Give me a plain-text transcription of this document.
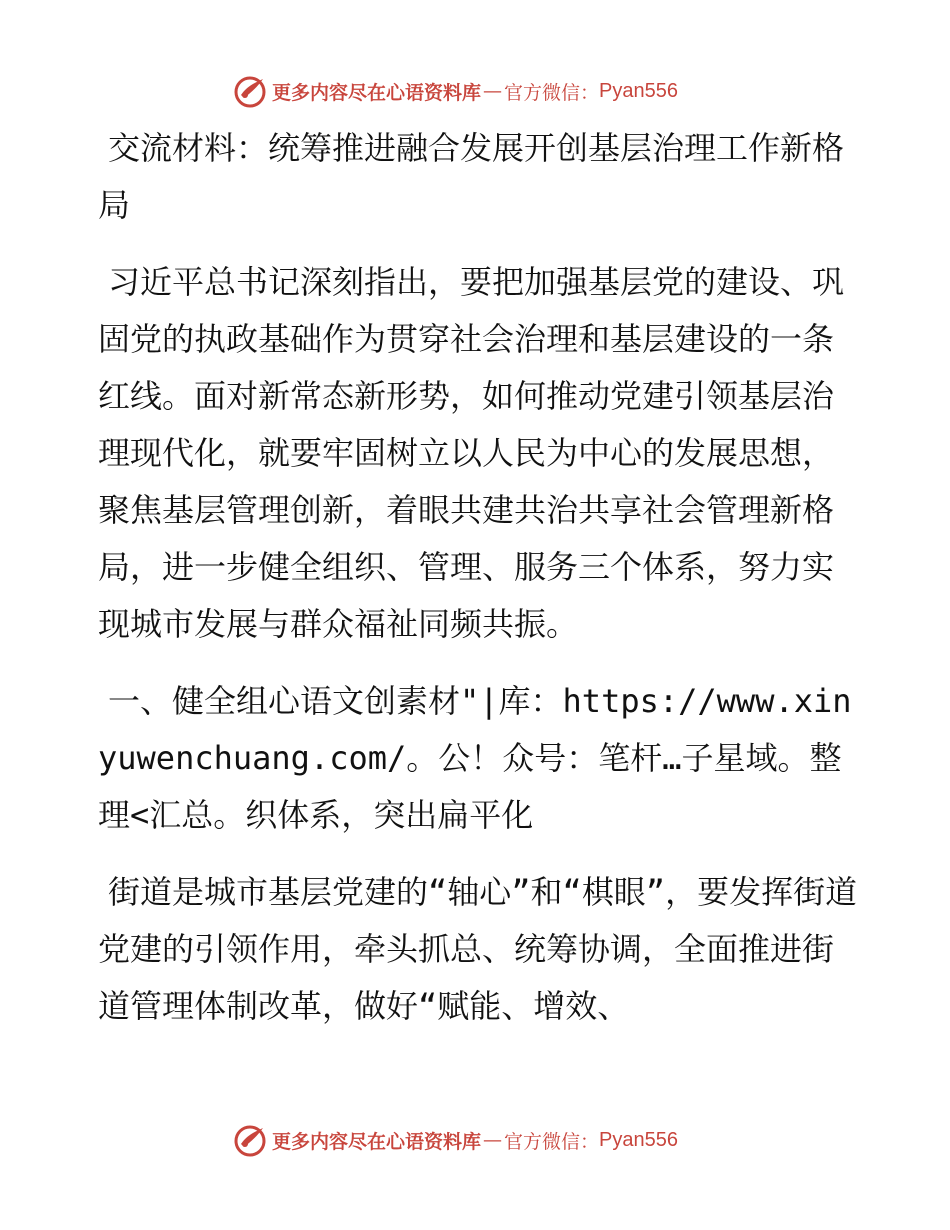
更多内容尽在心语资料库 — 官方微信： Pyan556

交流材料：统筹推进融合发展开创基层治理工作新格局

习近平总书记深刻指出，要把加强基层党的建设、巩固党的执政基础作为贯穿社会治理和基层建设的一条红线。面对新常态新形势，如何推动党建引领基层治理现代化，就要牢固树立以人民为中心的发展思想，聚焦基层管理创新，着眼共建共治共享社会管理新格局，进一步健全组织、管理、服务三个体系，努力实现城市发展与群众福祉同频共振。

一、健全组心语文创素材"|库：https://www.xinyuwenchuang.com/。公！众号：笔杆…子星域。整理<汇总。织体系，突出扁平化

街道是城市基层党建的“轴心”和“棋眼”，要发挥街道党建的引领作用，牵头抓总、统筹协调，全面推进街道管理体制改革，做好“赋能、增效、

更多内容尽在心语资料库 — 官方微信： Pyan556
